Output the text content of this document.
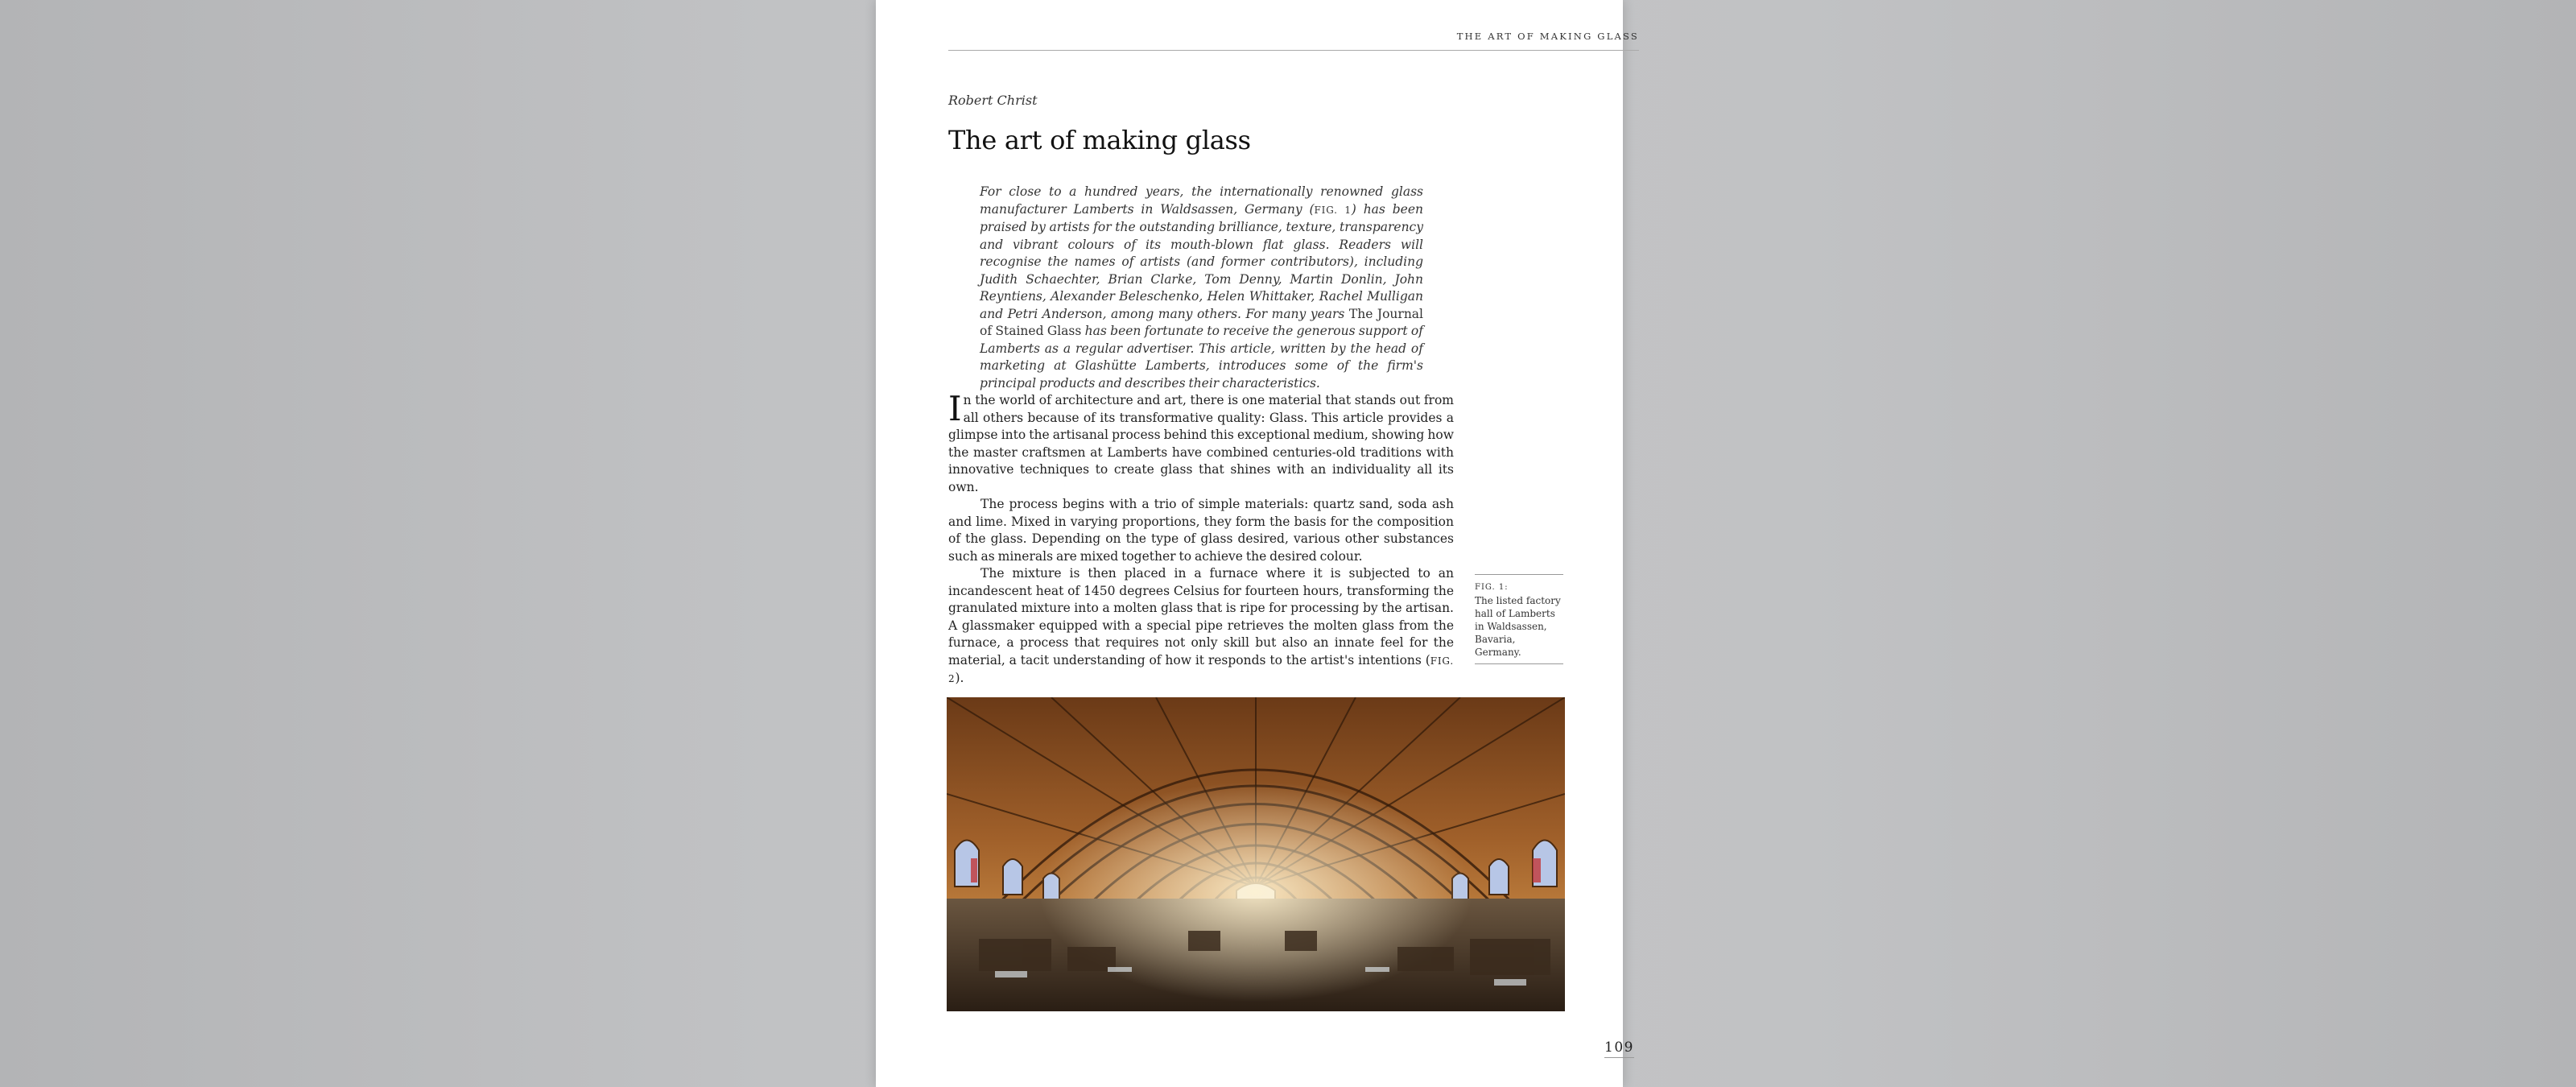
THE ART OF MAKING GLASS
Robert Christ
The art of making glass
For close to a hundred years, the internationally renowned glass manufacturer Lamberts in Waldsassen, Germany (FIG. 1) has been praised by artists for the outstanding brilliance, texture, transparency and vibrant colours of its mouth-blown flat glass. Readers will recognise the names of artists (and former contributors), including Judith Schaechter, Brian Clarke, Tom Denny, Martin Donlin, John Reyntiens, Alexander Beleschenko, Helen Whittaker, Rachel Mulligan and Petri Anderson, among many others. For many years The Journal of Stained Glass has been fortunate to receive the generous support of Lamberts as a regular advertiser. This article, written by the head of marketing at Glashütte Lamberts, introduces some of the firm's principal products and describes their characteristics.

In the world of architecture and art, there is one material that stands out from all others because of its transformative quality: Glass. This article provides a glimpse into the artisanal process behind this exceptional medium, showing how the master craftsmen at Lamberts have combined centuries-old traditions with innovative techniques to create glass that shines with an individuality all its own.

The process begins with a trio of simple materials: quartz sand, soda ash and lime. Mixed in varying proportions, they form the basis for the composition of the glass. Depending on the type of glass desired, various other substances such as minerals are mixed together to achieve the desired colour.

The mixture is then placed in a furnace where it is subjected to an incandescent heat of 1450 degrees Celsius for fourteen hours, transforming the granulated mixture into a molten glass that is ripe for processing by the artisan. A glassmaker equipped with a special pipe retrieves the molten glass from the furnace, a process that requires not only skill but also an innate feel for the material, a tacit understanding of how it responds to the artist's intentions (FIG. 2).

FIG. 1:
The listed factory hall of Lamberts in Waldsassen, Bavaria, Germany.
109
